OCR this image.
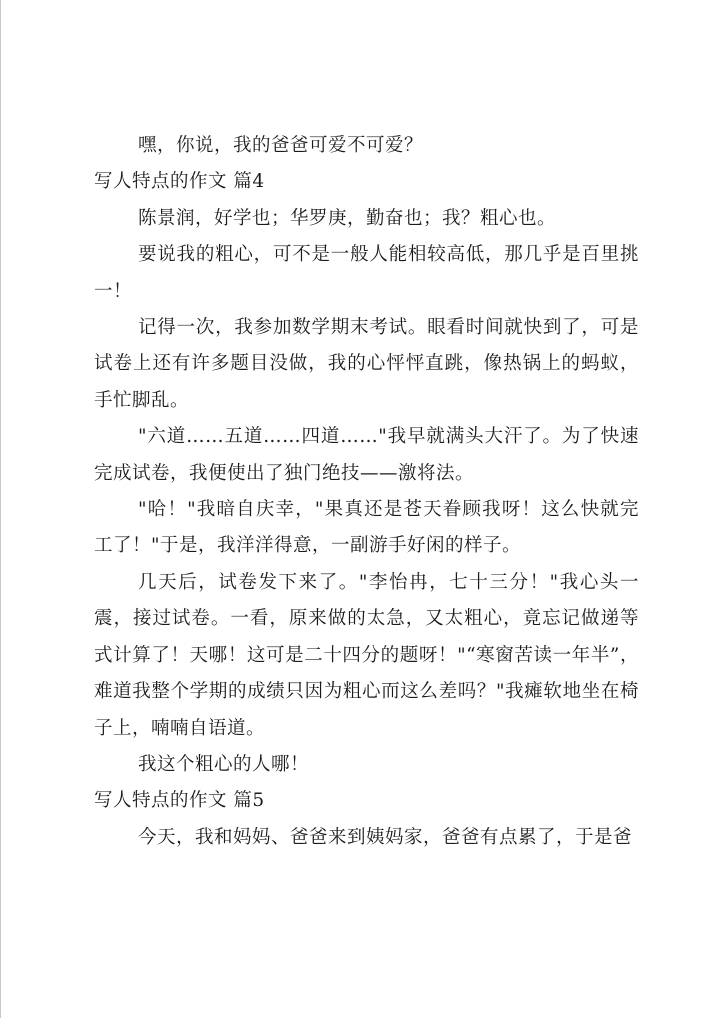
嘿，你说，我的爸爸可爱不可爱？

写人特点的作文 篇4

陈景润，好学也；华罗庚，勤奋也；我？粗心也。

要说我的粗心，可不是一般人能相较高低，那几乎是百里挑一！

记得一次，我参加数学期末考试。眼看时间就快到了，可是试卷上还有许多题目没做，我的心怦怦直跳，像热锅上的蚂蚁，手忙脚乱。

"六道……五道……四道……"我早就满头大汗了。为了快速完成试卷，我便使出了独门绝技——激将法。

"哈！"我暗自庆幸，"果真还是苍天眷顾我呀！这么快就完工了！"于是，我洋洋得意，一副游手好闲的样子。

几天后，试卷发下来了。"李怡冉，七十三分！"我心头一震，接过试卷。一看，原来做的太急，又太粗心，竟忘记做递等式计算了！天哪！这可是二十四分的题呀！"“寒窗苦读一年半”，难道我整个学期的成绩只因为粗心而这么差吗？"我瘫软地坐在椅子上，喃喃自语道。

我这个粗心的人哪！

写人特点的作文 篇5

今天，我和妈妈、爸爸来到姨妈家，爸爸有点累了，于是爸
